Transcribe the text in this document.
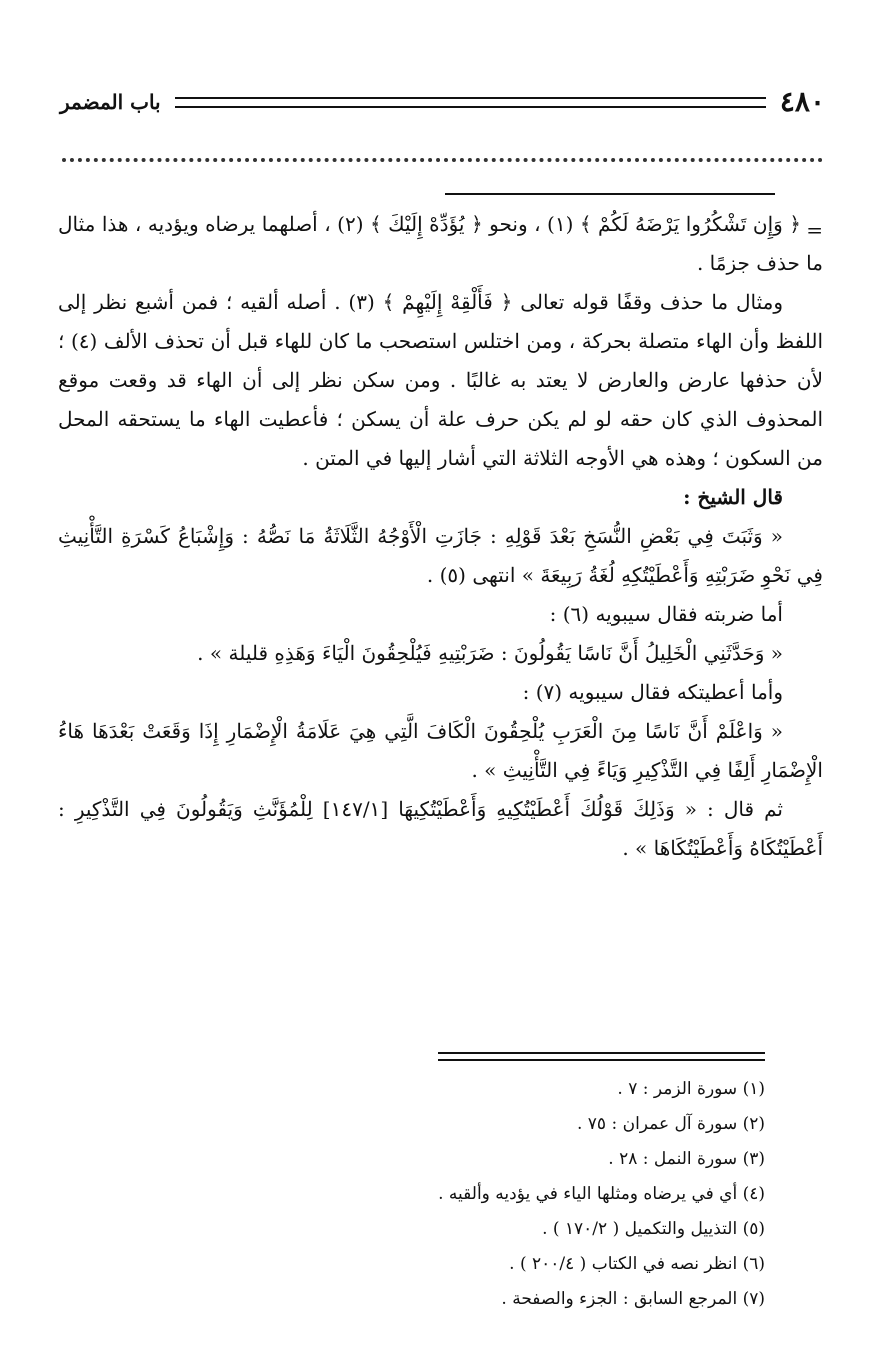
٤٨٠
باب المضمر
=

﴿ وَإِن تَشْكُرُوا يَرْضَهُ لَكُمْ ﴾ (١) ، ونحو ﴿ يُؤَدِّهْ إِلَيْكَ ﴾ (٢) ، أصلهما يرضاه ويؤديه ، هذا مثال ما حذف جزمًا .

ومثال ما حذف وقفًا قوله تعالى ﴿ فَأَلْقِهْ إِلَيْهِمْ ﴾ (٣) . أصله ألقيه ؛ فمن أشبع نظر إلى اللفظ وأن الهاء متصلة بحركة ، ومن اختلس استصحب ما كان للهاء قبل أن تحذف الألف (٤) ؛ لأن حذفها عارض والعارض لا يعتد به غالبًا . ومن سكن نظر إلى أن الهاء قد وقعت موقع المحذوف الذي كان حقه لو لم يكن حرف علة أن يسكن ؛ فأعطيت الهاء ما يستحقه المحل من السكون ؛ وهذه هي الأوجه الثلاثة التي أشار إليها في المتن .

قال الشيخ :

« وَثَبَتَ فِي بَعْضِ النُّسَخِ بَعْدَ قَوْلِهِ : جَازَتِ الْأَوْجُهُ الثَّلَاثَةُ مَا نَصُّهُ : وَإِشْبَاعُ كَسْرَةِ التَّأْنِيثِ فِي نَحْوِ ضَرَبْتِهِ وَأَعْطَيْتُكِهِ لُغَةُ رَبِيعَةَ » انتهى (٥) .

أما ضربته فقال سيبويه (٦) :

« وَحَدَّثَنِي الْخَلِيلُ أَنَّ نَاسًا يَقُولُونَ : ضَرَبْتِيهِ فَيُلْحِقُونَ الْيَاءَ وَهَذِهِ قليلة » .

وأما أعطيتكه فقال سيبويه (٧) :

« وَاعْلَمْ أَنَّ نَاسًا مِنَ الْعَرَبِ يُلْحِقُونَ الْكَافَ الَّتِي هِيَ عَلَامَةُ الْإِضْمَارِ إِذَا وَقَعَتْ بَعْدَهَا هَاءُ الْإِضْمَارِ أَلِفًا فِي التَّذْكِيرِ وَيَاءً فِي التَّأْنِيثِ » .

ثم قال : « وَذَلِكَ قَوْلُكَ أَعْطَيْتُكِيهِ وَأَعْطَيْتُكِيهَا [١٤٧/١] لِلْمُؤَنَّثِ وَيَقُولُونَ فِي التَّذْكِيرِ : أَعْطَيْتُكَاهُ وَأَعْطَيْتُكَاهَا » .

(١) سورة الزمر : ٧ .

(٢) سورة آل عمران : ٧٥ .

(٣) سورة النمل : ٢٨ .

(٤) أي في يرضاه ومثلها الياء في يؤديه وألقيه .

(٥) التذييل والتكميل ( ١٧٠/٢ ) .

(٦) انظر نصه في الكتاب ( ٢٠٠/٤ ) .

(٧) المرجع السابق : الجزء والصفحة .
